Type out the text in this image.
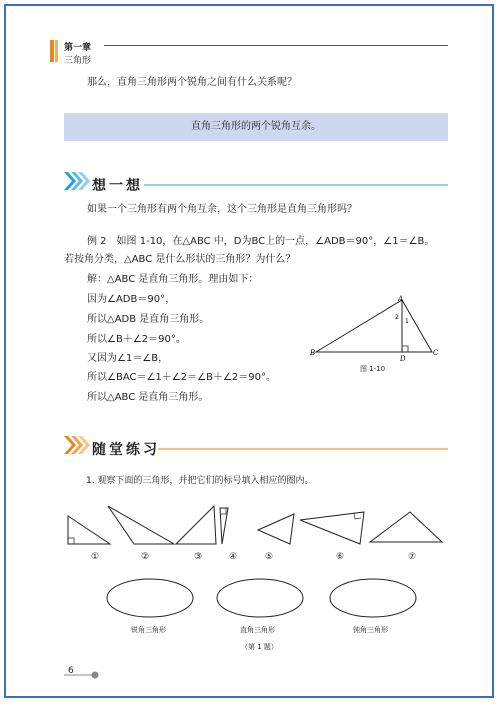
第一章
三角形
那么，直角三角形两个锐角之间有什么关系呢？
直角三角形的两个锐角互余。
想一想
如果一个三角形有两个角互余，这个三角形是直角三角形吗？
例 2　如图 1-10，在△ABC 中，D为BC上的一点，∠ADB＝90°，∠1＝∠B。
若按角分类，△ABC 是什么形状的三角形？为什么？
解：△ABC 是直角三角形。理由如下：
因为∠ADB＝90°，
所以△ADB 是直角三角形。
所以∠B＋∠2＝90°。
又因为∠1＝∠B，
所以∠BAC＝∠1＋∠2＝∠B＋∠2＝90°。
所以△ABC 是直角三角形。
A
B	C
D
1
2
图 1-10
随堂练习
1. 观察下面的三角形，并把它们的标号填入相应的圈内。
①	②	③	④	⑤	⑥	⑦
锐角三角形	直角三角形	钝角三角形
（第 1 题）
6
